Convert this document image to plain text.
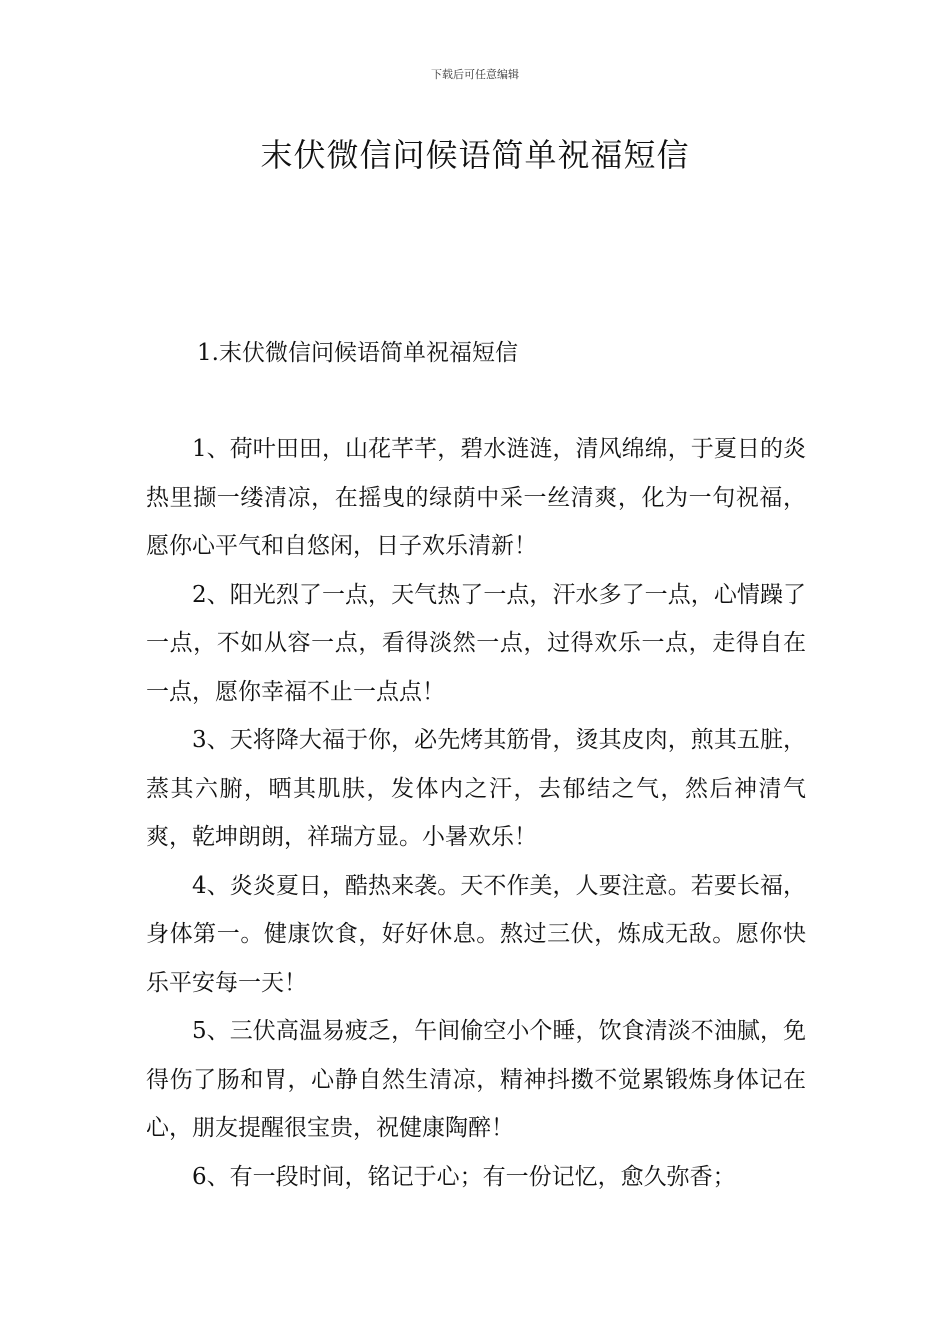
下载后可任意编辑
末伏微信问候语简单祝福短信

1.末伏微信问候语简单祝福短信

1、荷叶田田，山花芊芊，碧水涟涟，清风绵绵，于夏日的炎热里撷一缕清凉，在摇曳的绿荫中采一丝清爽，化为一句祝福，愿你心平气和自悠闲，日子欢乐清新！

2、阳光烈了一点，天气热了一点，汗水多了一点，心情躁了一点，不如从容一点，看得淡然一点，过得欢乐一点，走得自在一点，愿你幸福不止一点点！

3、天将降大福于你，必先烤其筋骨，烫其皮肉，煎其五脏，蒸其六腑，晒其肌肤，发体内之汗，去郁结之气，然后神清气爽，乾坤朗朗，祥瑞方显。小暑欢乐！

4、炎炎夏日，酷热来袭。天不作美，人要注意。若要长福，身体第一。健康饮食，好好休息。熬过三伏，炼成无敌。愿你快乐平安每一天！

5、三伏高温易疲乏，午间偷空小个睡，饮食清淡不油腻，免得伤了肠和胃，心静自然生清凉，精神抖擞不觉累锻炼身体记在心，朋友提醒很宝贵，祝健康陶醉！

6、有一段时间，铭记于心；有一份记忆，愈久弥香；
